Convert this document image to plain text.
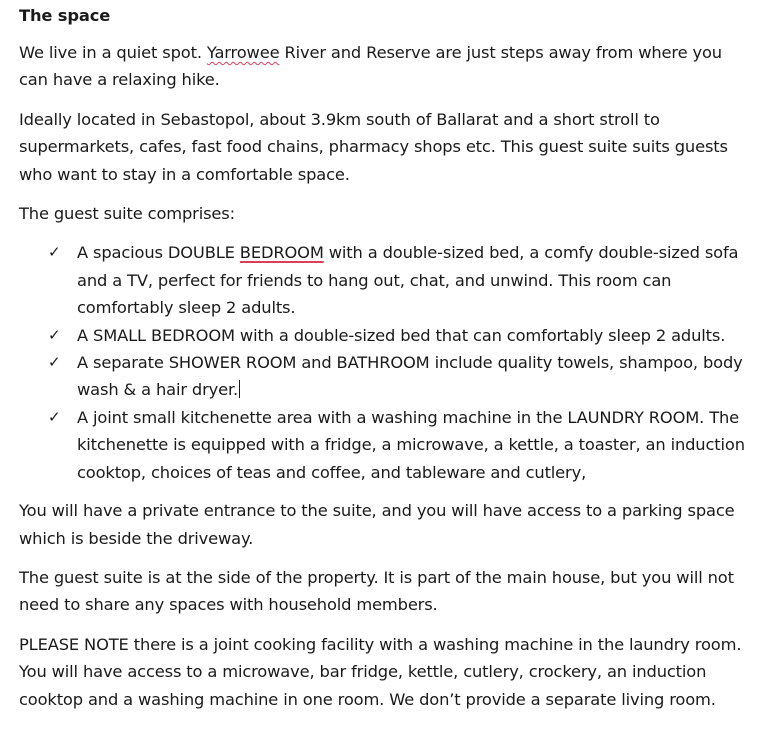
The space

We live in a quiet spot. Yarrowee River and Reserve are just steps away from where you can have a relaxing hike.

Ideally located in Sebastopol, about 3.9km south of Ballarat and a short stroll to supermarkets, cafes, fast food chains, pharmacy shops etc. This guest suite suits guests who want to stay in a comfortable space.

The guest suite comprises:

✓ A spacious DOUBLE BEDROOM with a double-sized bed, a comfy double-sized sofa and a TV, perfect for friends to hang out, chat, and unwind. This room can comfortably sleep 2 adults.
✓ A SMALL BEDROOM with a double-sized bed that can comfortably sleep 2 adults.
✓ A separate SHOWER ROOM and BATHROOM include quality towels, shampoo, body wash & a hair dryer.
✓ A joint small kitchenette area with a washing machine in the LAUNDRY ROOM. The kitchenette is equipped with a fridge, a microwave, a kettle, a toaster, an induction cooktop, choices of teas and coffee, and tableware and cutlery,

You will have a private entrance to the suite, and you will have access to a parking space which is beside the driveway.

The guest suite is at the side of the property. It is part of the main house, but you will not need to share any spaces with household members.

PLEASE NOTE there is a joint cooking facility with a washing machine in the laundry room. You will have access to a microwave, bar fridge, kettle, cutlery, crockery, an induction cooktop and a washing machine in one room. We don’t provide a separate living room.
